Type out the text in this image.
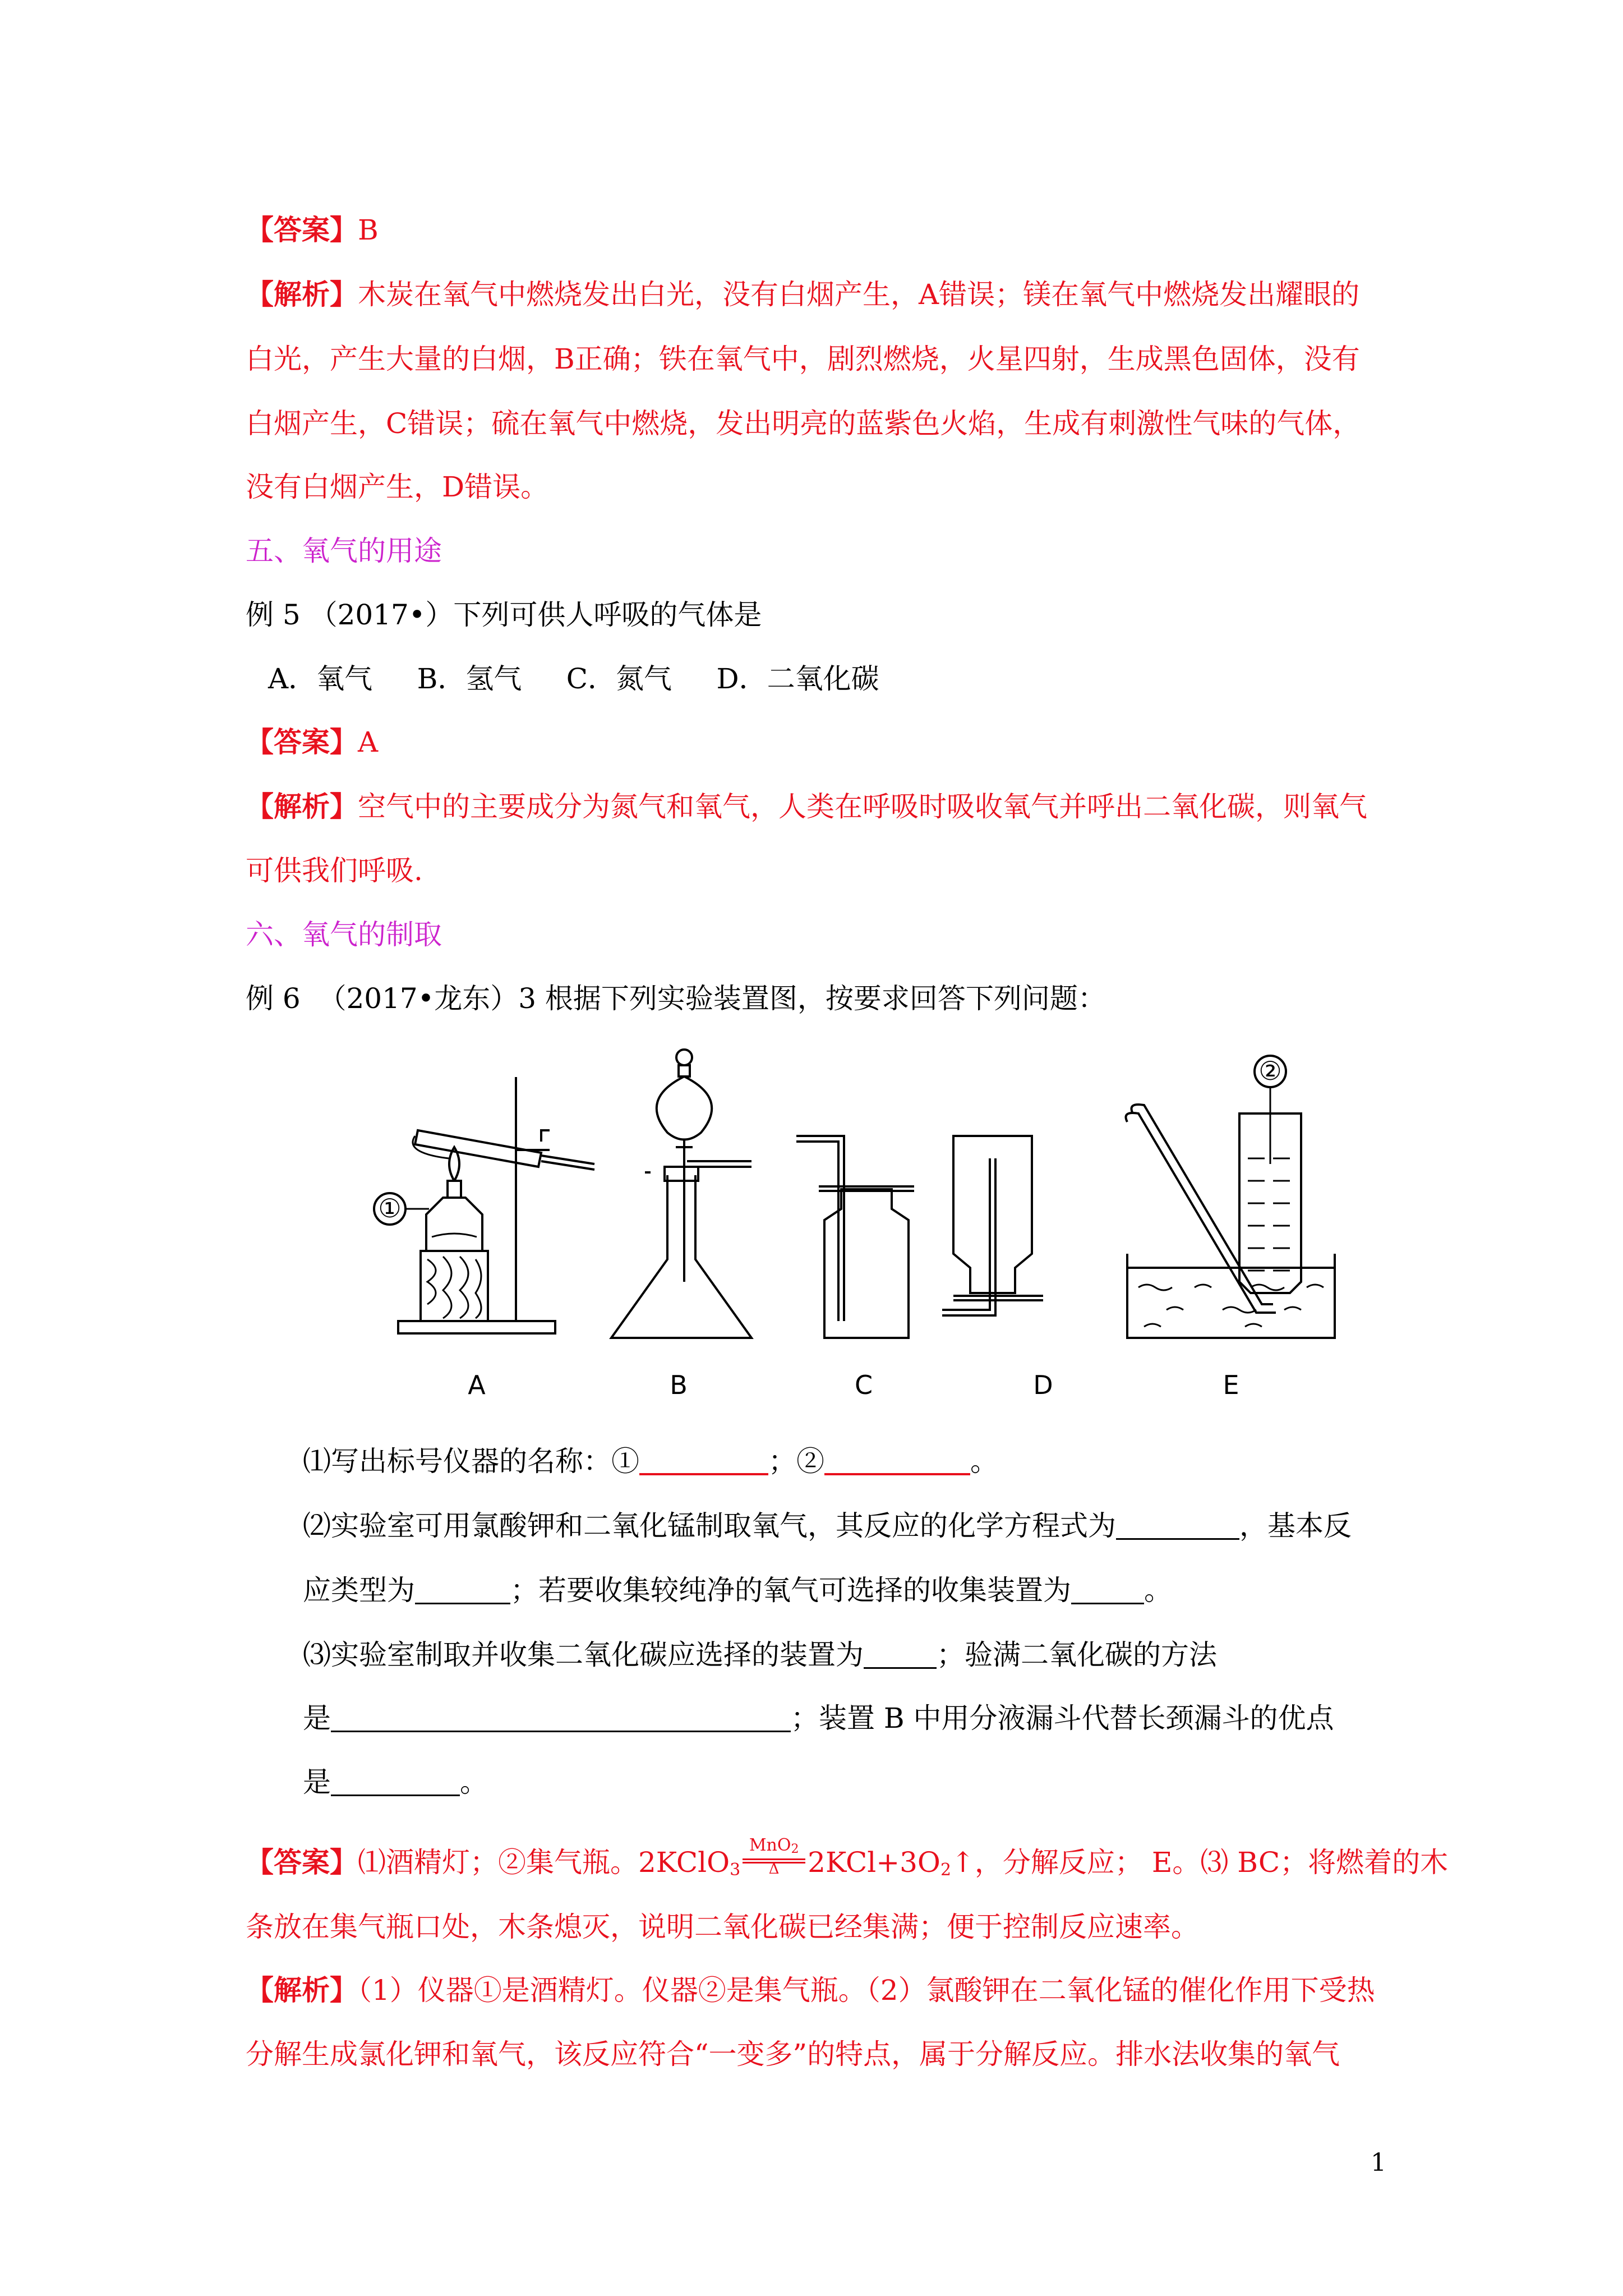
【答案】B
【解析】木炭在氧气中燃烧发出白光，没有白烟产生，A错误；镁在氧气中燃烧发出耀眼的
白光，产生大量的白烟，B正确；铁在氧气中，剧烈燃烧，火星四射，生成黑色固体，没有
白烟产生，C错误；硫在氧气中燃烧，发出明亮的蓝紫色火焰，生成有刺激性气味的气体，
没有白烟产生，D错误。
五、氧气的用途
例 5 （2017•）下列可供人呼吸的气体是
A．氧气     B．氢气     C．氮气     D．二氧化碳
【答案】A
【解析】空气中的主要成分为氮气和氧气，人类在呼吸时吸收氧气并呼出二氧化碳，则氧气
可供我们呼吸.
六、氧气的制取
例 6  （2017•龙东）3 根据下列实验装置图，按要求回答下列问题：
①
②
A	B	C	D	E
⑴写出标号仪器的名称：①	；②	。
⑵实验室可用氯酸钾和二氧化锰制取氧气，其反应的化学方程式为	，基本反
应类型为	；若要收集较纯净的氧气可选择的收集装置为	。
⑶实验室制取并收集二氧化碳应选择的装置为	；验满二氧化碳的方法
是	；装置 B 中用分液漏斗代替长颈漏斗的优点
是	。
【答案】⑴酒精灯；②集气瓶。2KClO$_3$
MnO$_2$
Δ	$2KCl+3O_2↑$，分解反应； E。⑶ BC；将燃着的木
条放在集气瓶口处，木条熄灭，说明二氧化碳已经集满；便于控制反应速率。
【解析】（1）仪器①是酒精灯。仪器②是集气瓶。（2）氯酸钾在二氧化锰的催化作用下受热
分解生成氯化钾和氧气，该反应符合“一变多”的特点，属于分解反应。排水法收集的氧气
1
